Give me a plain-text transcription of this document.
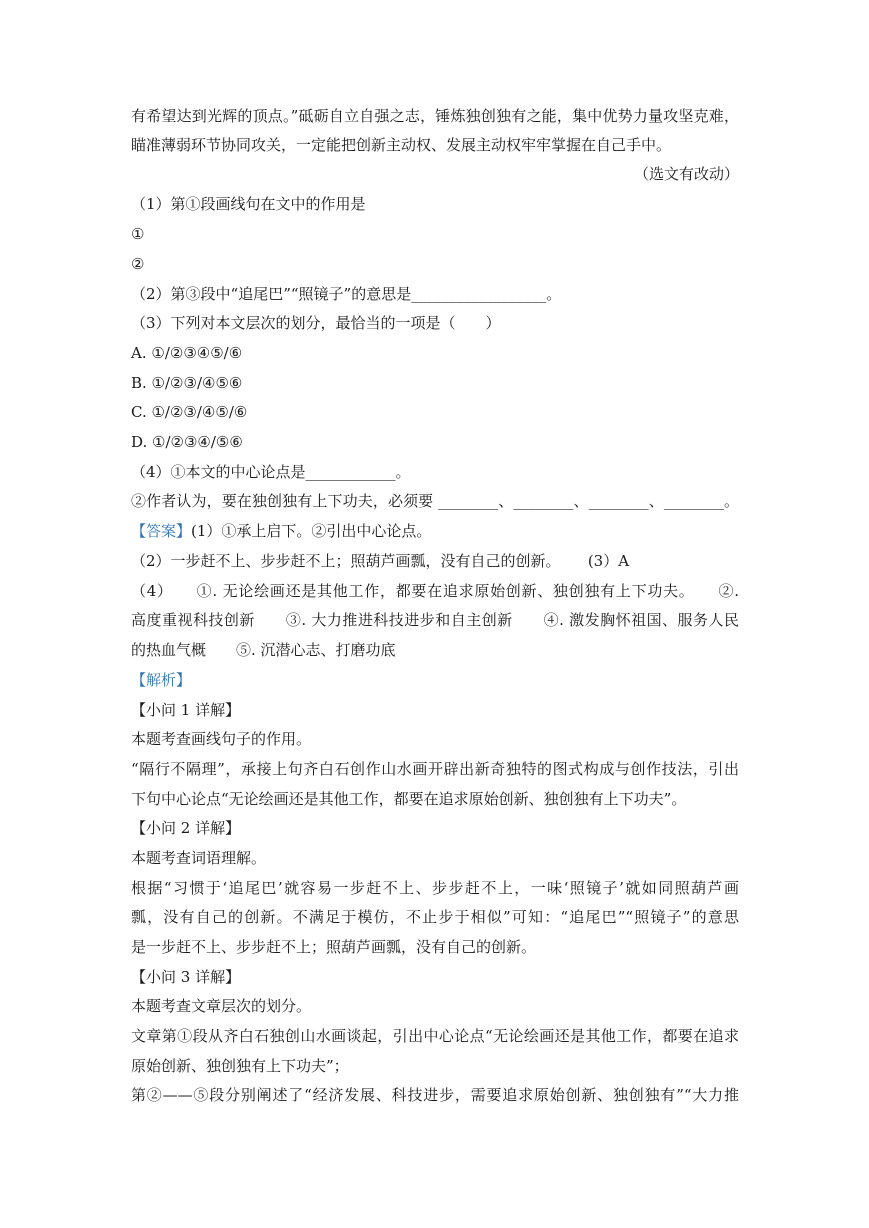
有希望达到光辉的顶点。”砥砺自立自强之志，锤炼独创独有之能，集中优势力量攻坚克难，
瞄准薄弱环节协同攻关，一定能把创新主动权、发展主动权牢牢掌握在自己手中。
（选文有改动）
（1）第①段画线句在文中的作用是
①
②
（2）第③段中“追尾巴”“照镜子”的意思是__________________。
（3）下列对本文层次的划分，最恰当的一项是（　　）
A. ①/②③④⑤/⑥
B. ①/②③/④⑤⑥
C. ①/②③/④⑤/⑥
D. ①/②③④/⑤⑥
（4）①本文的中心论点是____________。
②作者认为，要在独创独有上下功夫，必须要 ________、________、________、________。
【答案】(1）①承上启下。②引出中心论点。
（2）一步赶不上、步步赶不上；照葫芦画瓢，没有自己的创新。　　 (3）A
（4）　　①. 无论绘画还是其他工作，都要在追求原始创新、独创独有上下功夫。　　②.
高度重视科技创新　　③. 大力推进科技进步和自主创新　　④. 激发胸怀祖国、服务人民
的热血气概　　⑤. 沉潜心志、打磨功底
【解析】
【小问 1 详解】
本题考查画线句子的作用。
“隔行不隔理”，承接上句齐白石创作山水画开辟出新奇独特的图式构成与创作技法，引出
下句中心论点“无论绘画还是其他工作，都要在追求原始创新、独创独有上下功夫”。
【小问 2 详解】
本题考查词语理解。
根据“习惯于‘追尾巴’就容易一步赶不上、步步赶不上，一味‘照镜子’就如同照葫芦画
瓢，没有自己的创新。不满足于模仿，不止步于相似”可知：“追尾巴”“照镜子”的意思
是一步赶不上、步步赶不上；照葫芦画瓢，没有自己的创新。
【小问 3 详解】
本题考查文章层次的划分。
文章第①段从齐白石独创山水画谈起，引出中心论点“无论绘画还是其他工作，都要在追求
原始创新、独创独有上下功夫”；
第②——⑤段分别阐述了“经济发展、科技进步，需要追求原始创新、独创独有”“大力推
